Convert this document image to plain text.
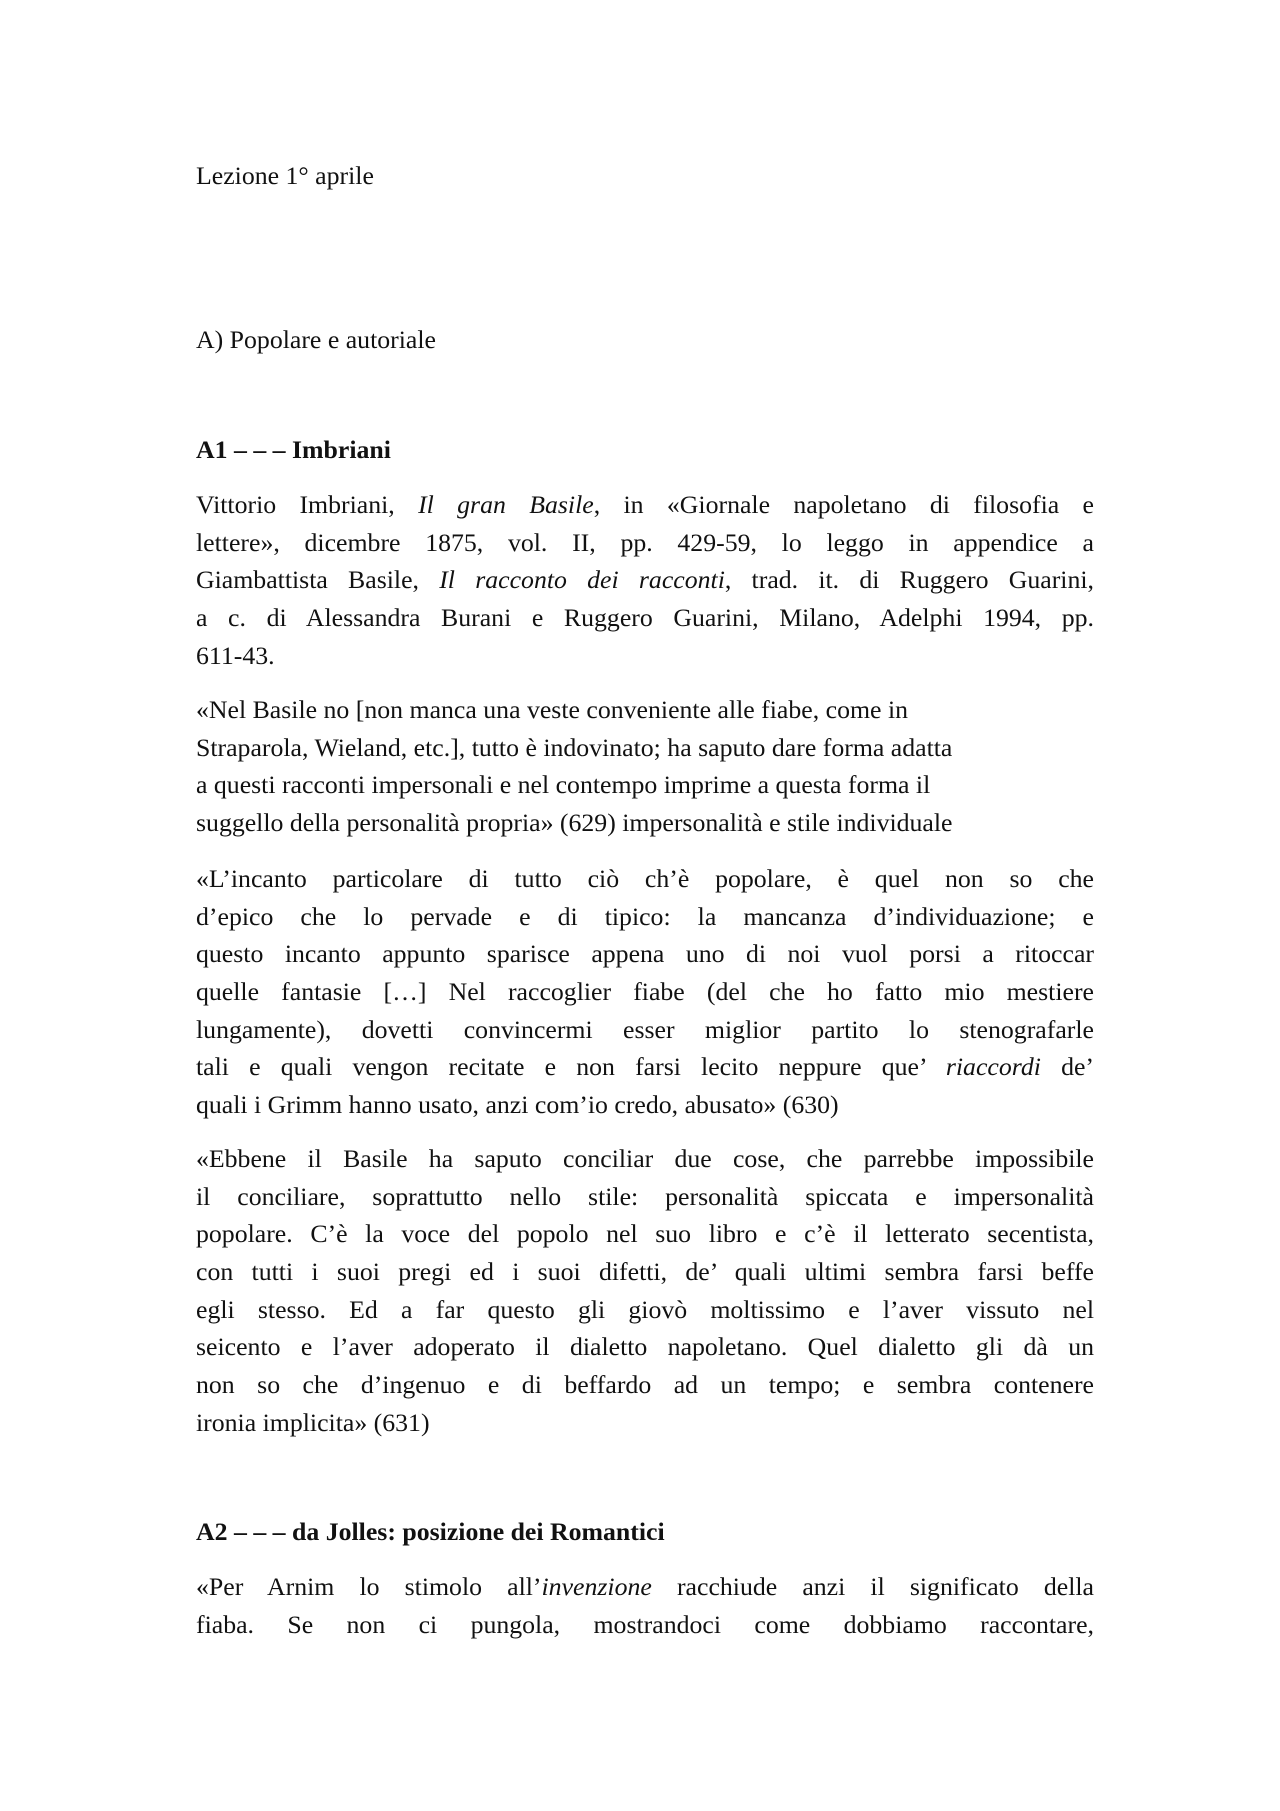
Lezione 1° aprile
A) Popolare e autoriale
A1 – – – Imbriani
Vittorio Imbriani, Il gran Basile, in «Giornale napoletano di filosofia e
lettere», dicembre 1875, vol. II, pp. 429-59, lo leggo in appendice a
Giambattista Basile, Il racconto dei racconti, trad. it. di Ruggero Guarini,
a c. di Alessandra Burani e Ruggero Guarini, Milano, Adelphi 1994, pp.
611-43.
«Nel Basile no [non manca una veste conveniente alle fiabe, come in
Straparola, Wieland, etc.], tutto è indovinato; ha saputo dare forma adatta
a questi racconti impersonali e nel contempo imprime a questa forma il
suggello della personalità propria» (629) impersonalità e stile individuale
«L’incanto particolare di tutto ciò ch’è popolare, è quel non so che
d’epico che lo pervade e di tipico: la mancanza d’individuazione; e
questo incanto appunto sparisce appena uno di noi vuol porsi a ritoccar
quelle fantasie […] Nel raccoglier fiabe (del che ho fatto mio mestiere
lungamente), dovetti convincermi esser miglior partito lo stenografarle
tali e quali vengon recitate e non farsi lecito neppure que’ riaccordi de’
quali i Grimm hanno usato, anzi com’io credo, abusato» (630)
«Ebbene il Basile ha saputo conciliar due cose, che parrebbe impossibile
il conciliare, soprattutto nello stile: personalità spiccata e impersonalità
popolare. C’è la voce del popolo nel suo libro e c’è il letterato secentista,
con tutti i suoi pregi ed i suoi difetti, de’ quali ultimi sembra farsi beffe
egli stesso. Ed a far questo gli giovò moltissimo e l’aver vissuto nel
seicento e l’aver adoperato il dialetto napoletano. Quel dialetto gli dà un
non so che d’ingenuo e di beffardo ad un tempo; e sembra contenere
ironia implicita» (631)
A2 – – – da Jolles: posizione dei Romantici
«Per Arnim lo stimolo all’invenzione racchiude anzi il significato della
fiaba. Se non ci pungola, mostrandoci come dobbiamo raccontare,
